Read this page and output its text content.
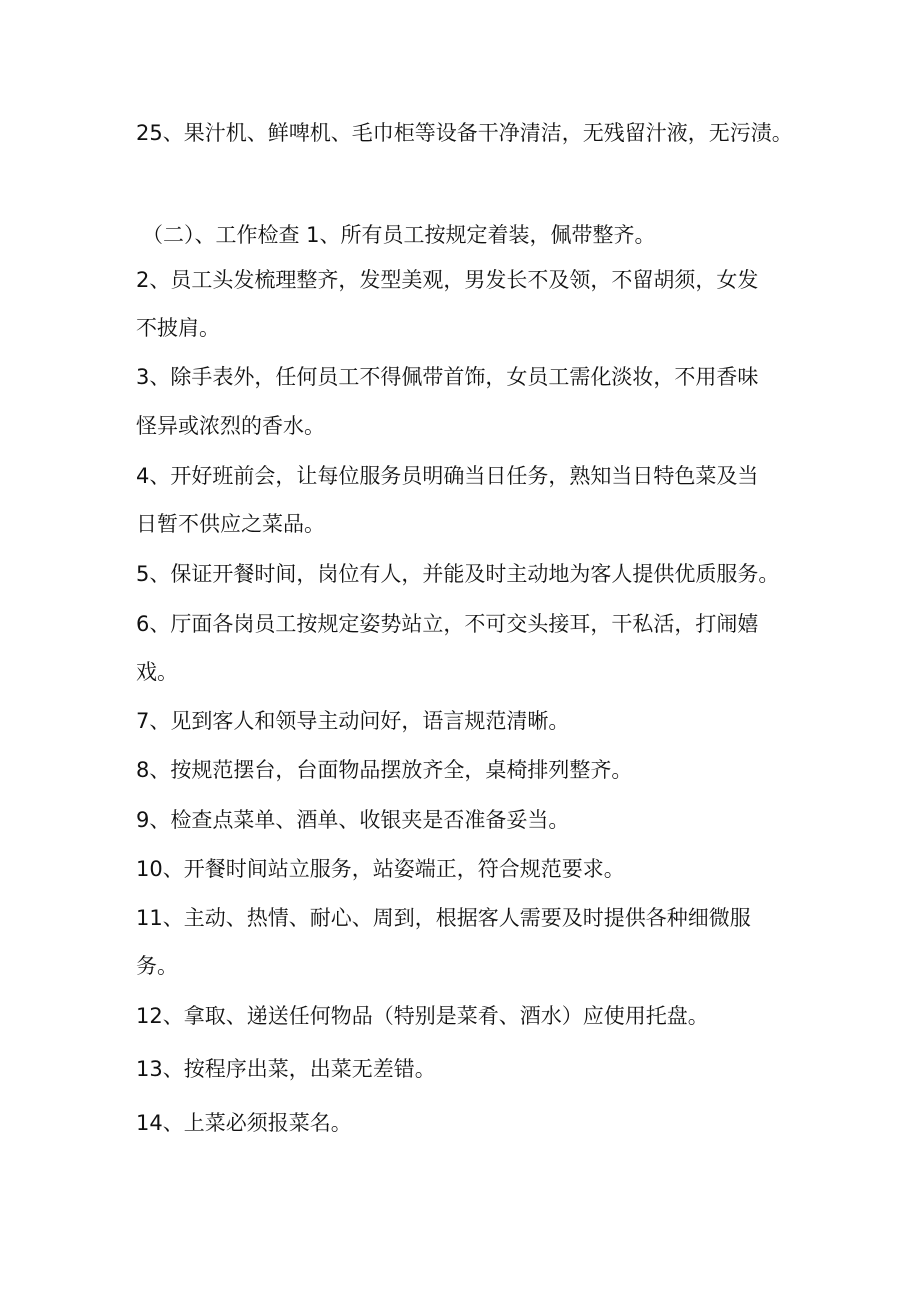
25、果汁机、鲜啤机、毛巾柜等设备干净清洁，无残留汁液，无污渍。

（二）、工作检查 1、所有员工按规定着装，佩带整齐。

2、员工头发梳理整齐，发型美观，男发长不及领，不留胡须，女发

不披肩。

3、除手表外，任何员工不得佩带首饰，女员工需化淡妆，不用香味

怪异或浓烈的香水。

4、开好班前会，让每位服务员明确当日任务，熟知当日特色菜及当

日暂不供应之菜品。

5、保证开餐时间，岗位有人，并能及时主动地为客人提供优质服务。

6、厅面各岗员工按规定姿势站立，不可交头接耳，干私活，打闹嬉

戏。

7、见到客人和领导主动问好，语言规范清晰。

8、按规范摆台，台面物品摆放齐全，桌椅排列整齐。

9、检查点菜单、酒单、收银夹是否准备妥当。

10、开餐时间站立服务，站姿端正，符合规范要求。

11、主动、热情、耐心、周到，根据客人需要及时提供各种细微服

务。

12、拿取、递送任何物品（特别是菜肴、酒水）应使用托盘。

13、按程序出菜，出菜无差错。

14、上菜必须报菜名。
